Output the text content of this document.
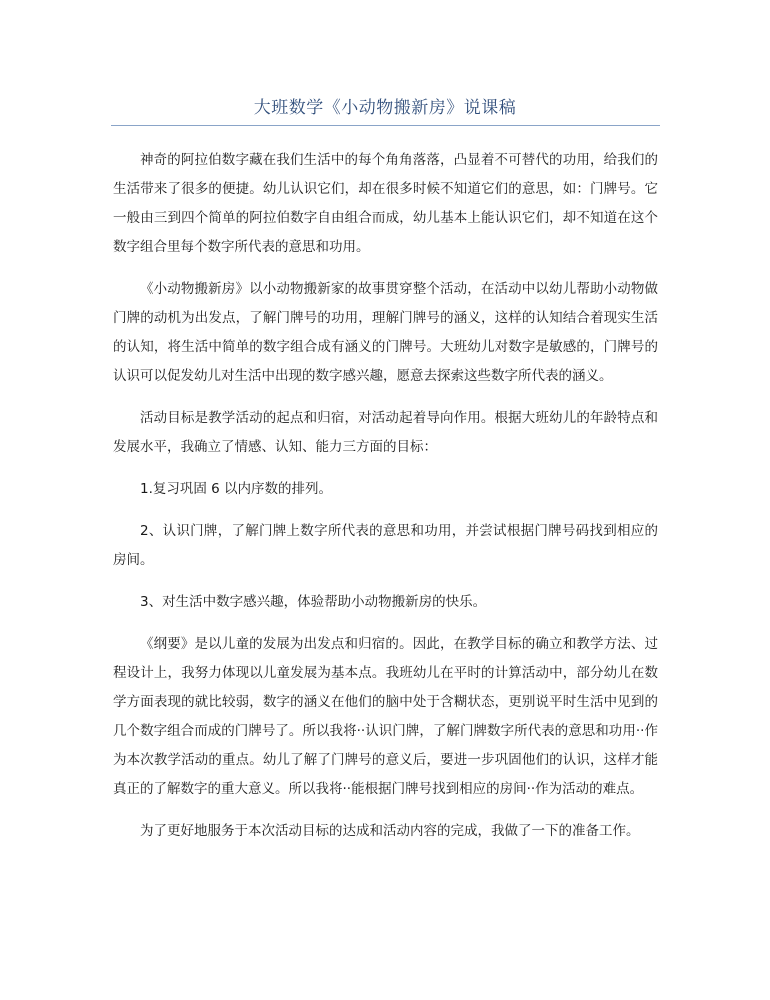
大班数学《小动物搬新房》说课稿

神奇的阿拉伯数字藏在我们生活中的每个角角落落，凸显着不可替代的功用，给我们的生活带来了很多的便捷。幼儿认识它们，却在很多时候不知道它们的意思，如：门牌号。它一般由三到四个简单的阿拉伯数字自由组合而成，幼儿基本上能认识它们，却不知道在这个数字组合里每个数字所代表的意思和功用。

《小动物搬新房》以小动物搬新家的故事贯穿整个活动，在活动中以幼儿帮助小动物做门牌的动机为出发点，了解门牌号的功用，理解门牌号的涵义，这样的认知结合着现实生活的认知，将生活中简单的数字组合成有涵义的门牌号。大班幼儿对数字是敏感的，门牌号的认识可以促发幼儿对生活中出现的数字感兴趣，愿意去探索这些数字所代表的涵义。

活动目标是教学活动的起点和归宿，对活动起着导向作用。根据大班幼儿的年龄特点和发展水平，我确立了情感、认知、能力三方面的目标：

1.复习巩固 6 以内序数的排列。

2、认识门牌，了解门牌上数字所代表的意思和功用，并尝试根据门牌号码找到相应的房间。

3、对生活中数字感兴趣，体验帮助小动物搬新房的快乐。

《纲要》是以儿童的发展为出发点和归宿的。因此，在教学目标的确立和教学方法、过程设计上，我努力体现以儿童发展为基本点。我班幼儿在平时的计算活动中，部分幼儿在数学方面表现的就比较弱，数字的涵义在他们的脑中处于含糊状态，更别说平时生活中见到的几个数字组合而成的门牌号了。所以我将··认识门牌，了解门牌数字所代表的意思和功用··作为本次教学活动的重点。幼儿了解了门牌号的意义后，要进一步巩固他们的认识，这样才能真正的了解数字的重大意义。所以我将··能根据门牌号找到相应的房间··作为活动的难点。

为了更好地服务于本次活动目标的达成和活动内容的完成，我做了一下的准备工作。
